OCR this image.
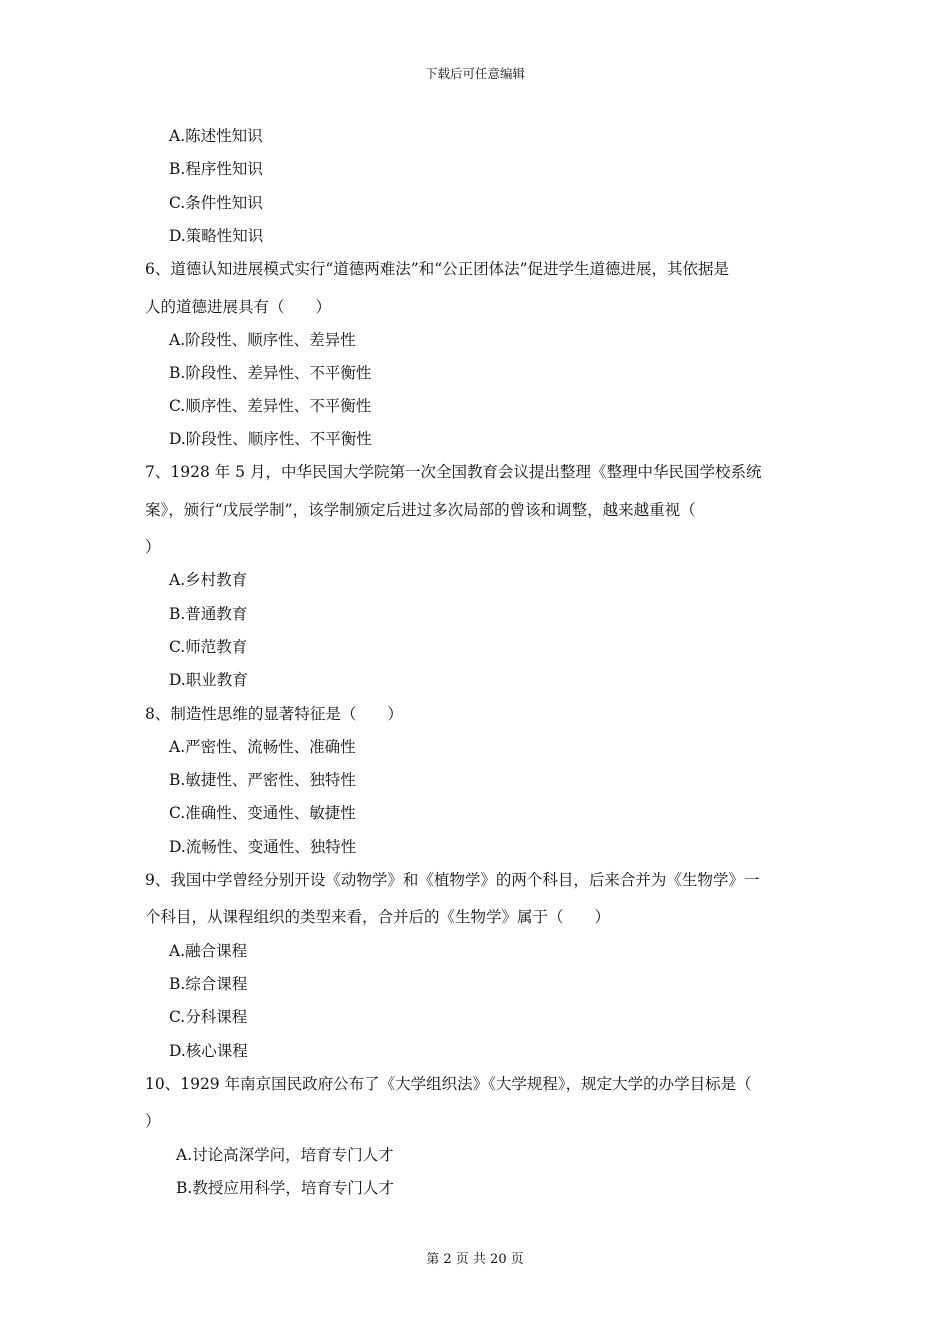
下载后可任意编辑
A.陈述性知识
B.程序性知识
C.条件性知识
D.策略性知识
6、道德认知进展模式实行“道德两难法”和“公正团体法”促进学生道德进展，其依据是
人的道德进展具有（　　）
A.阶段性、顺序性、差异性
B.阶段性、差异性、不平衡性
C.顺序性、差异性、不平衡性
D.阶段性、顺序性、不平衡性
7、1928 年 5 月，中华民国大学院第一次全国教育会议提出整理《整理中华民国学校系统
案》，颁行“戊辰学制”，该学制颁定后进过多次局部的曾该和调整，越来越重视（
）
A.乡村教育
B.普通教育
C.师范教育
D.职业教育
8、制造性思维的显著特征是（　　）
A.严密性、流畅性、准确性
B.敏捷性、严密性、独特性
C.准确性、变通性、敏捷性
D.流畅性、变通性、独特性
9、我国中学曾经分别开设《动物学》和《植物学》的两个科目，后来合并为《生物学》一
个科目，从课程组织的类型来看，合并后的《生物学》属于（　　）
A.融合课程
B.综合课程
C.分科课程
D.核心课程
10、1929 年南京国民政府公布了《大学组织法》《大学规程》，规定大学的办学目标是（
）
A.讨论高深学问，培育专门人才
B.教授应用科学，培育专门人才
第 2 页 共 20 页
